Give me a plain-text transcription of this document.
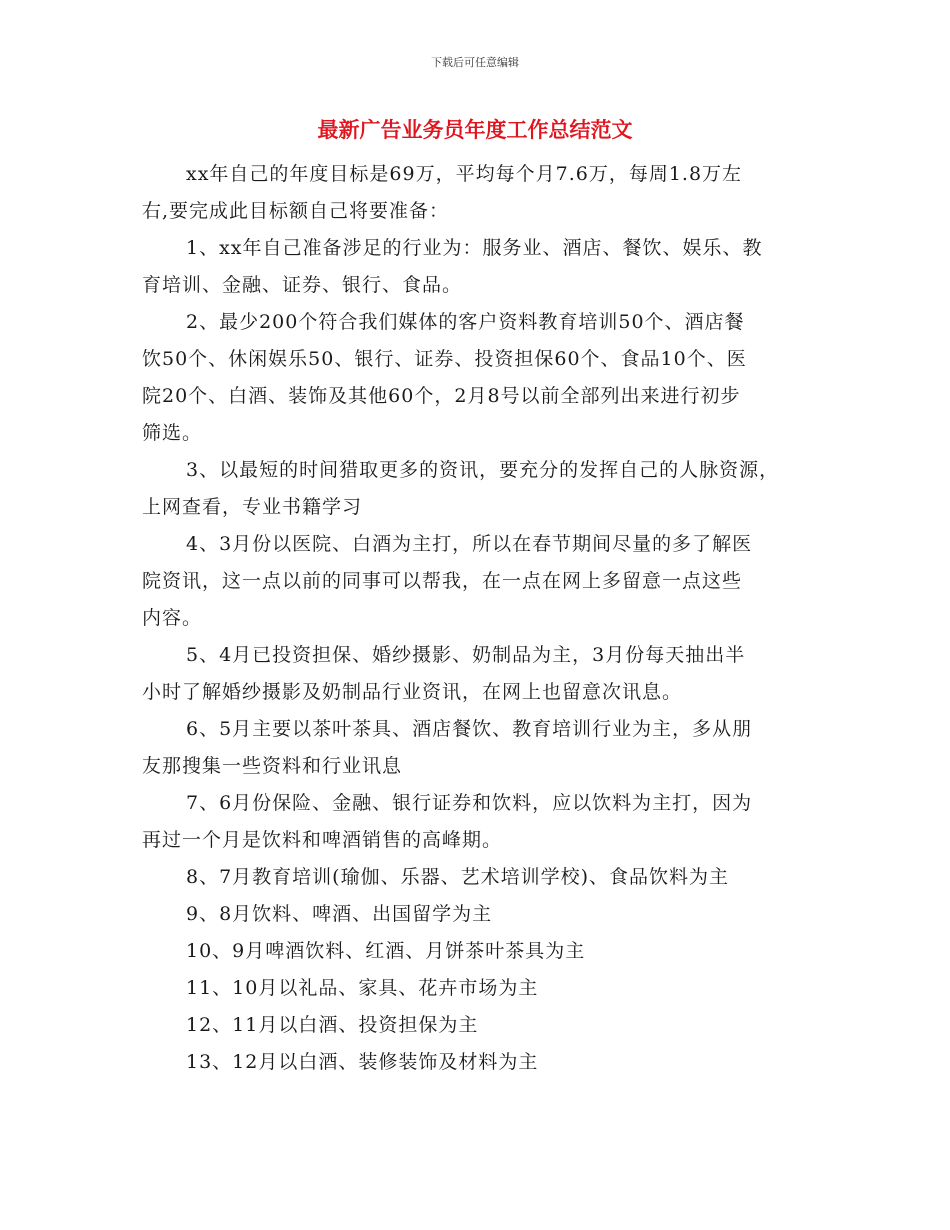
下载后可任意编辑
最新广告业务员年度工作总结范文

xx年自己的年度目标是69万，平均每个月7.6万，每周1.8万左
右,要完成此目标额自己将要准备：

1、xx年自己准备涉足的行业为：服务业、酒店、餐饮、娱乐、教
育培训、金融、证券、银行、食品。

2、最少200个符合我们媒体的客户资料教育培训50个、酒店餐
饮50个、休闲娱乐50、银行、证券、投资担保60个、食品10个、医
院20个、白酒、装饰及其他60个，2月8号以前全部列出来进行初步
筛选。

3、以最短的时间猎取更多的资讯，要充分的发挥自己的人脉资源，
上网查看，专业书籍学习

4、3月份以医院、白酒为主打，所以在春节期间尽量的多了解医
院资讯，这一点以前的同事可以帮我，在一点在网上多留意一点这些
内容。

5、4月已投资担保、婚纱摄影、奶制品为主，3月份每天抽出半
小时了解婚纱摄影及奶制品行业资讯，在网上也留意次讯息。

6、5月主要以茶叶茶具、酒店餐饮、教育培训行业为主，多从朋
友那搜集一些资料和行业讯息

7、6月份保险、金融、银行证券和饮料，应以饮料为主打，因为
再过一个月是饮料和啤酒销售的高峰期。

8、7月教育培训(瑜伽、乐器、艺术培训学校)、食品饮料为主

9、8月饮料、啤酒、出国留学为主

10、9月啤酒饮料、红酒、月饼茶叶茶具为主

11、10月以礼品、家具、花卉市场为主

12、11月以白酒、投资担保为主

13、12月以白酒、装修装饰及材料为主
